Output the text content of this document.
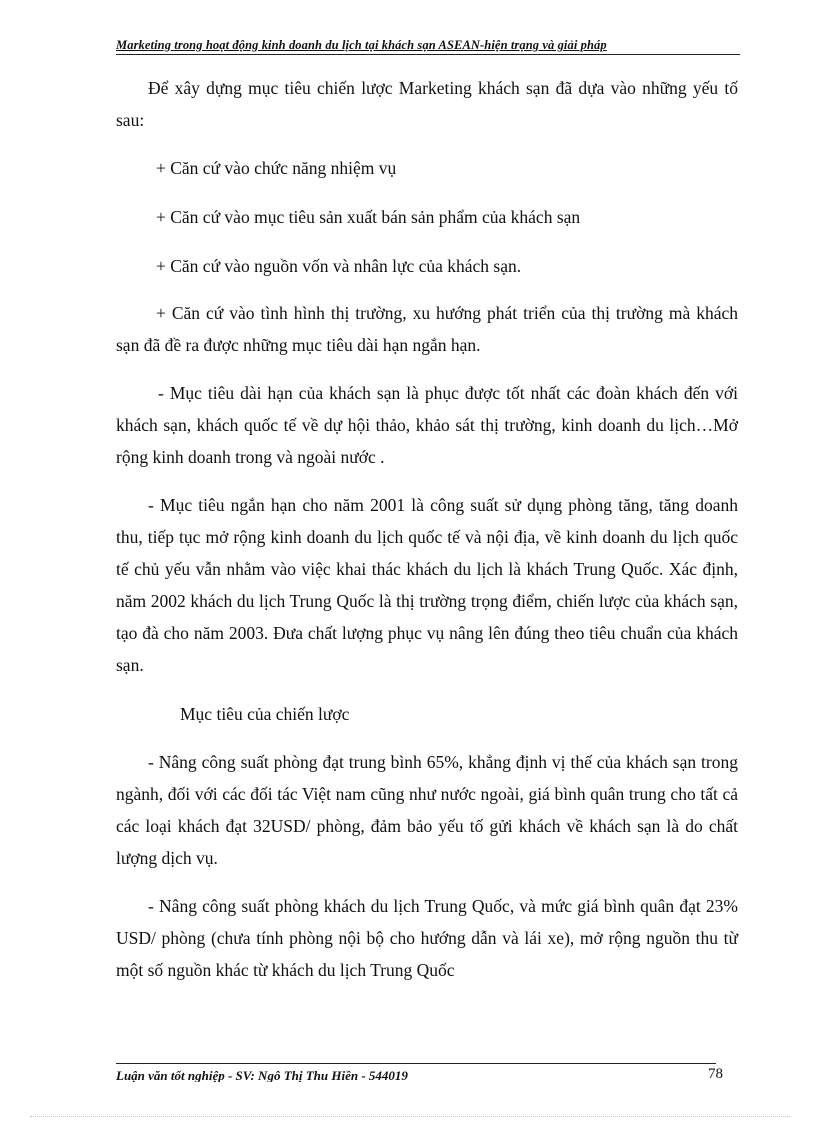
Marketing trong hoạt động kinh doanh du lịch tại khách sạn ASEAN-hiện trạng và giải pháp

Để xây dựng mục tiêu chiến lược Marketing khách sạn đã dựa vào những yếu tố sau:

+ Căn cứ vào chức năng nhiệm vụ

+ Căn cứ vào mục tiêu sản xuất bán sản phẩm của khách sạn

+ Căn cứ vào nguồn vốn và nhân lực của khách sạn.

+ Căn cứ vào tình hình thị trường, xu hướng phát triển của thị trường mà khách sạn đã đề ra được những mục tiêu dài hạn ngắn hạn.

- Mục tiêu dài hạn của khách sạn là phục được tốt nhất các đoàn khách đến với khách sạn, khách quốc tế về dự hội thảo, khảo sát thị trường, kinh doanh du lịch…Mở rộng kinh doanh trong và ngoài nước .

- Mục tiêu ngắn hạn cho năm 2001 là công suất sử dụng phòng tăng, tăng doanh thu, tiếp tục mở rộng kinh doanh du lịch quốc tế và nội địa, về kinh doanh du lịch quốc tế chủ yếu vẫn nhằm vào việc khai thác khách du lịch là khách Trung Quốc. Xác định, năm 2002 khách du lịch Trung Quốc là thị trường trọng điểm, chiến lược của khách sạn, tạo đà cho năm 2003. Đưa chất lượng phục vụ nâng lên đúng theo tiêu chuẩn của khách sạn.

Mục tiêu của chiến lược

- Nâng công suất phòng đạt trung bình 65%, khẳng định vị thế của khách sạn trong ngành, đối với các đối tác Việt nam cũng như nước ngoài, giá bình quân trung cho tất cả các loại khách đạt 32USD/ phòng, đảm bảo yếu tố gửi khách về khách sạn là do chất lượng dịch vụ.

- Nâng công suất phòng khách du lịch Trung Quốc, và mức giá bình quân đạt 23% USD/ phòng (chưa tính phòng nội bộ cho hướng dẫn và lái xe), mở rộng nguồn thu từ một số nguồn khác từ khách du lịch Trung Quốc

Luận văn tốt nghiệp - SV: Ngô Thị Thu Hiền - 544019	78
